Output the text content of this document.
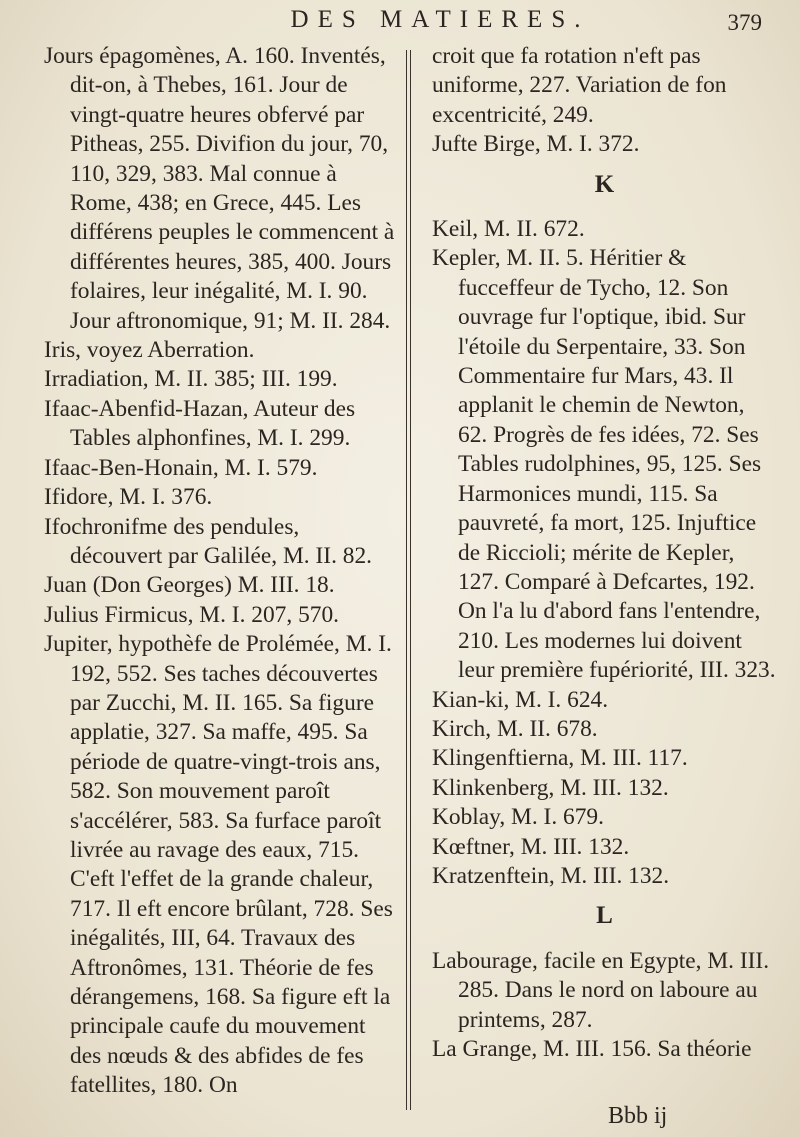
DES MATIERES.	379

Jours épagomènes, A. 160. Inventés, dit-on, à Thebes, 161. Jour de vingt-quatre heures obfervé par Pitheas, 255. Divifion du jour, 70, 110, 329, 383. Mal connue à Rome, 438; en Grece, 445. Les différens peuples le commencent à différentes heures, 385, 400. Jours folaires, leur inégalité, M. I. 90. Jour aftronomique, 91; M. II. 284.

Iris, voyez Aberration.

Irradiation, M. II. 385; III. 199.

Ifaac-Abenfid-Hazan, Auteur des Tables alphonfines, M. I. 299.

Ifaac-Ben-Honain, M. I. 579.

Ifidore, M. I. 376.

Ifochronifme des pendules, découvert par Galilée, M. II. 82.

Juan (Don Georges) M. III. 18.

Julius Firmicus, M. I. 207, 570.

Jupiter, hypothèfe de Prolémée, M. I. 192, 552. Ses taches découvertes par Zucchi, M. II. 165. Sa figure applatie, 327. Sa maffe, 495. Sa période de quatre-vingt-trois ans, 582. Son mouvement paroît s'accélérer, 583. Sa furface paroît livrée au ravage des eaux, 715. C'eft l'effet de la grande chaleur, 717. Il eft encore brûlant, 728. Ses inégalités, III, 64. Travaux des Aftronômes, 131. Théorie de fes dérangemens, 168. Sa figure eft la principale caufe du mouvement des nœuds & des abfides de fes fatellites, 180. On

croit que fa rotation n'eft pas uniforme, 227. Variation de fon excentricité, 249.

Jufte Birge, M. I. 372.

K

Keil, M. II. 672.

Kepler, M. II. 5. Héritier & fucceffeur de Tycho, 12. Son ouvrage fur l'optique, ibid. Sur l'étoile du Serpentaire, 33. Son Commentaire fur Mars, 43. Il applanit le chemin de Newton, 62. Progrès de fes idées, 72. Ses Tables rudolphines, 95, 125. Ses Harmonices mundi, 115. Sa pauvreté, fa mort, 125. Injuftice de Riccioli; mérite de Kepler, 127. Comparé à Defcartes, 192. On l'a lu d'abord fans l'entendre, 210. Les modernes lui doivent leur première fupériorité, III. 323.

Kian-ki, M. I. 624.

Kirch, M. II. 678.

Klingenftierna, M. III. 117.

Klinkenberg, M. III. 132.

Koblay, M. I. 679.

Kœftner, M. III. 132.

Kratzenftein, M. III. 132.

L

Labourage, facile en Egypte, M. III. 285. Dans le nord on laboure au printems, 287.

La Grange, M. III. 156. Sa théorie

Bbb ij
